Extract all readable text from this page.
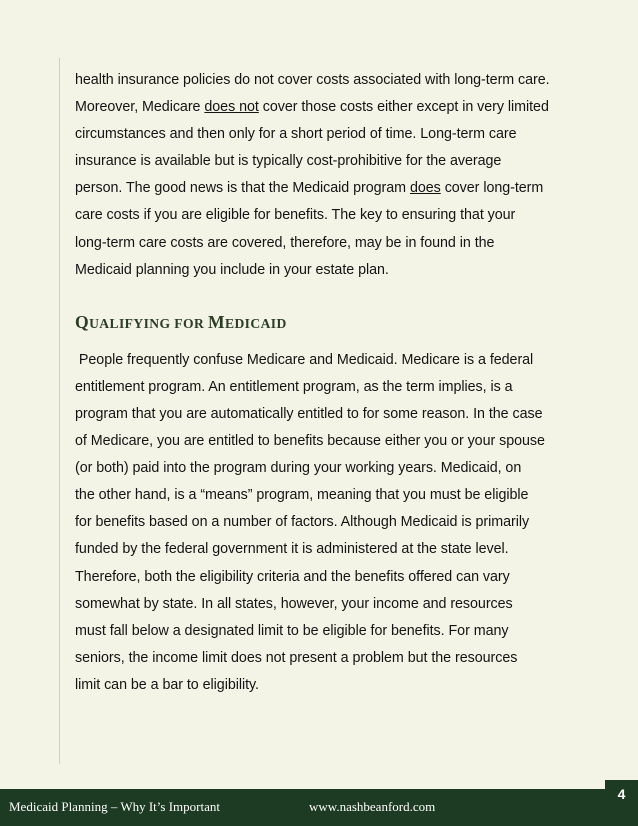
health insurance policies do not cover costs associated with long-term care.
Moreover, Medicare does not cover those costs either except in very limited
circumstances and then only for a short period of time. Long-term care
insurance is available but is typically cost-prohibitive for the average
person. The good news is that the Medicaid program does cover long-term
care costs if you are eligible for benefits. The key to ensuring that your
long-term care costs are covered, therefore, may be in found in the
Medicaid planning you include in your estate plan.

QUALIFYING FOR MEDICAID

People frequently confuse Medicare and Medicaid. Medicare is a federal
entitlement program. An entitlement program, as the term implies, is a
program that you are automatically entitled to for some reason. In the case
of Medicare, you are entitled to benefits because either you or your spouse
(or both) paid into the program during your working years. Medicaid, on
the other hand, is a “means” program, meaning that you must be eligible
for benefits based on a number of factors. Although Medicaid is primarily
funded by the federal government it is administered at the state level.
Therefore, both the eligibility criteria and the benefits offered can vary
somewhat by state. In all states, however, your income and resources
must fall below a designated limit to be eligible for benefits. For many
seniors, the income limit does not present a problem but the resources
limit can be a bar to eligibility.

Medicaid Planning – Why It’s Important	www.nashbeanford.com
4
